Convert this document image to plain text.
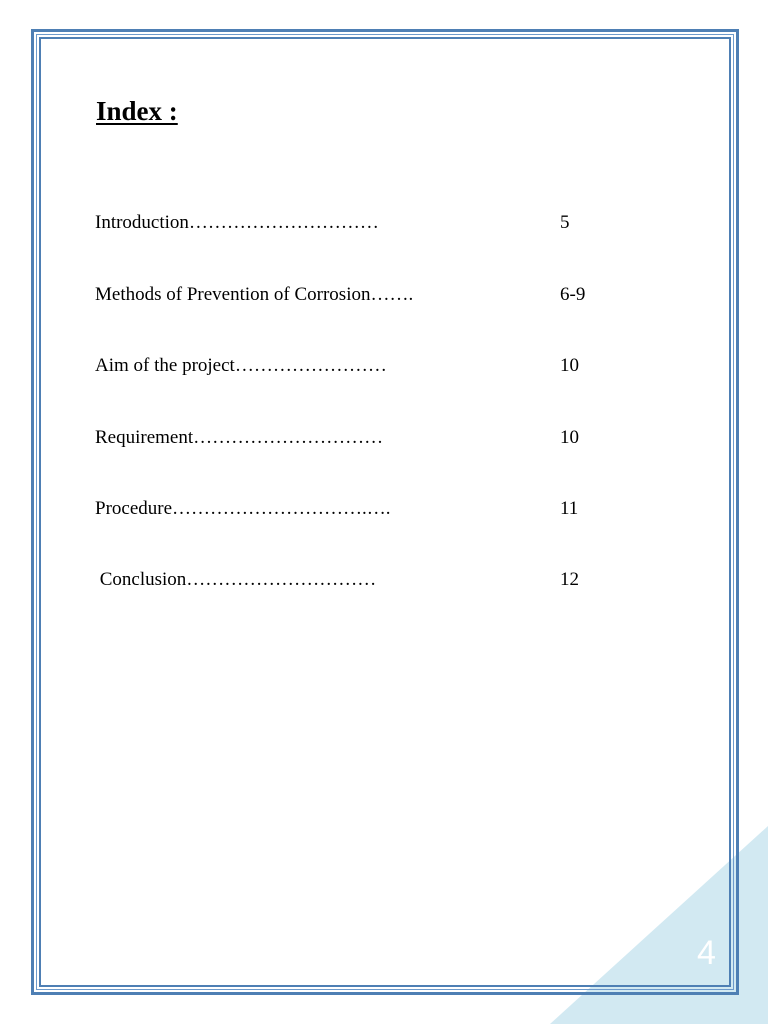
Index :
Introduction…………………………	5
Methods of Prevention of Corrosion…….	6-9
Aim of the project……………………	10
Requirement…………………………	10
Procedure………………………….….	11
Conclusion…………………………	12
4
